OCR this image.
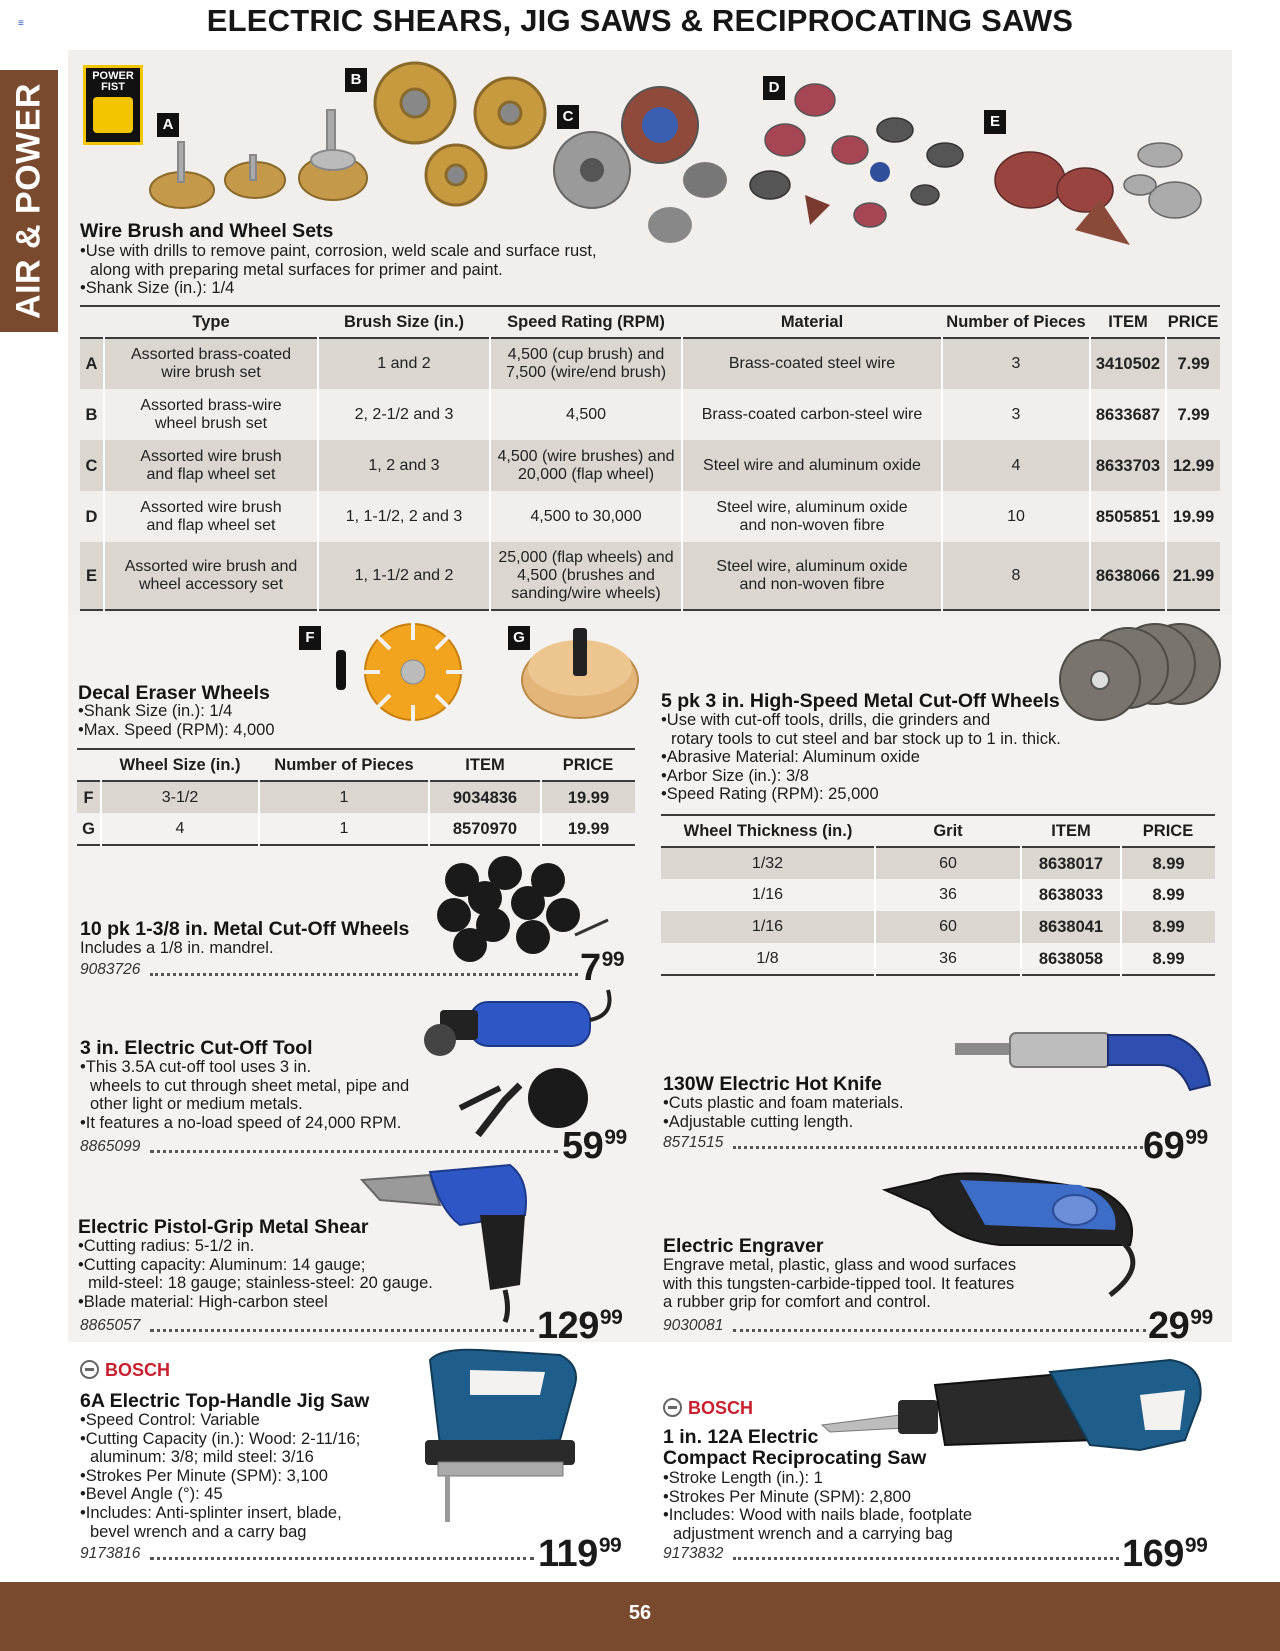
≡	ELECTRIC SHEARS, JIG SAWS & RECIPROCATING SAWS
AIR & POWER
POWER FIST
A
B
C
D
E
Wire Brush and Wheel Sets
•Use with drills to remove paint, corrosion, weld scale and surface rust,
along with preparing metal surfaces for primer and paint.
•Shank Size (in.): 1/4
	Type	Brush Size (in.)	Speed Rating (RPM)	Material	Number of Pieces	ITEM	PRICE
A	Assorted brass-coated wire brush set	1 and 2	4,500 (cup brush) and 7,500 (wire/end brush)	Brass-coated steel wire	3	3410502	7.99
B	Assorted brass-wire wheel brush set	2, 2-1/2 and 3	4,500	Brass-coated carbon-steel wire	3	8633687	7.99
C	Assorted wire brush and flap wheel set	1, 2 and 3	4,500 (wire brushes) and 20,000 (flap wheel)	Steel wire and aluminum oxide	4	8633703	12.99
D	Assorted wire brush and flap wheel set	1, 1-1/2, 2 and 3	4,500 to 30,000	Steel wire, aluminum oxide and non-woven fibre	10	8505851	19.99
E	Assorted wire brush and wheel accessory set	1, 1-1/2 and 2	25,000 (flap wheels) and 4,500 (brushes and sanding/wire wheels)	Steel wire, aluminum oxide and non-woven fibre	8	8638066	21.99
F	G
Decal Eraser Wheels
•Shank Size (in.): 1/4
•Max. Speed (RPM): 4,000
	Wheel Size (in.)	Number of Pieces	ITEM	PRICE
F	3-1/2	1	9034836	19.99
G	4	1	8570970	19.99
5 pk 3 in. High-Speed Metal Cut-Off Wheels
•Use with cut-off tools, drills, die grinders and
rotary tools to cut steel and bar stock up to 1 in. thick.
•Abrasive Material: Aluminum oxide
•Arbor Size (in.): 3/8
•Speed Rating (RPM): 25,000
Wheel Thickness (in.)	Grit	ITEM	PRICE
1/32	60	8638017	8.99
1/16	36	8638033	8.99
1/16	60	8638041	8.99
1/8	36	8638058	8.99
10 pk 1-3/8 in. Metal Cut-Off Wheels
Includes a 1/8 in. mandrel.
9083726	$7^{99}$
3 in. Electric Cut-Off Tool
•This 3.5A cut-off tool uses 3 in.
wheels to cut through sheet metal, pipe and
other light or medium metals.
•It features a no-load speed of 24,000 RPM.
8865099	$59^{99}$
130W Electric Hot Knife
•Cuts plastic and foam materials.
•Adjustable cutting length.
8571515	$69^{99}$
Electric Pistol-Grip Metal Shear
•Cutting radius: 5-1/2 in.
•Cutting capacity: Aluminum: 14 gauge;
mild-steel: 18 gauge; stainless-steel: 20 gauge.
•Blade material: High-carbon steel
8865057	$129^{99}$
Electric Engraver
Engrave metal, plastic, glass and wood surfaces
with this tungsten-carbide-tipped tool. It features
a rubber grip for comfort and control.
9030081	$29^{99}$
BOSCH
6A Electric Top-Handle Jig Saw
•Speed Control: Variable
•Cutting Capacity (in.): Wood: 2-11/16;
aluminum: 3/8; mild steel: 3/16
•Strokes Per Minute (SPM): 3,100
•Bevel Angle (°): 45
•Includes: Anti-splinter insert, blade,
bevel wrench and a carry bag
9173816	$119^{99}$
BOSCH
1 in. 12A Electric
Compact Reciprocating Saw
•Stroke Length (in.): 1
•Strokes Per Minute (SPM): 2,800
•Includes: Wood with nails blade, footplate
adjustment wrench and a carrying bag
9173832	$169^{99}$
56
